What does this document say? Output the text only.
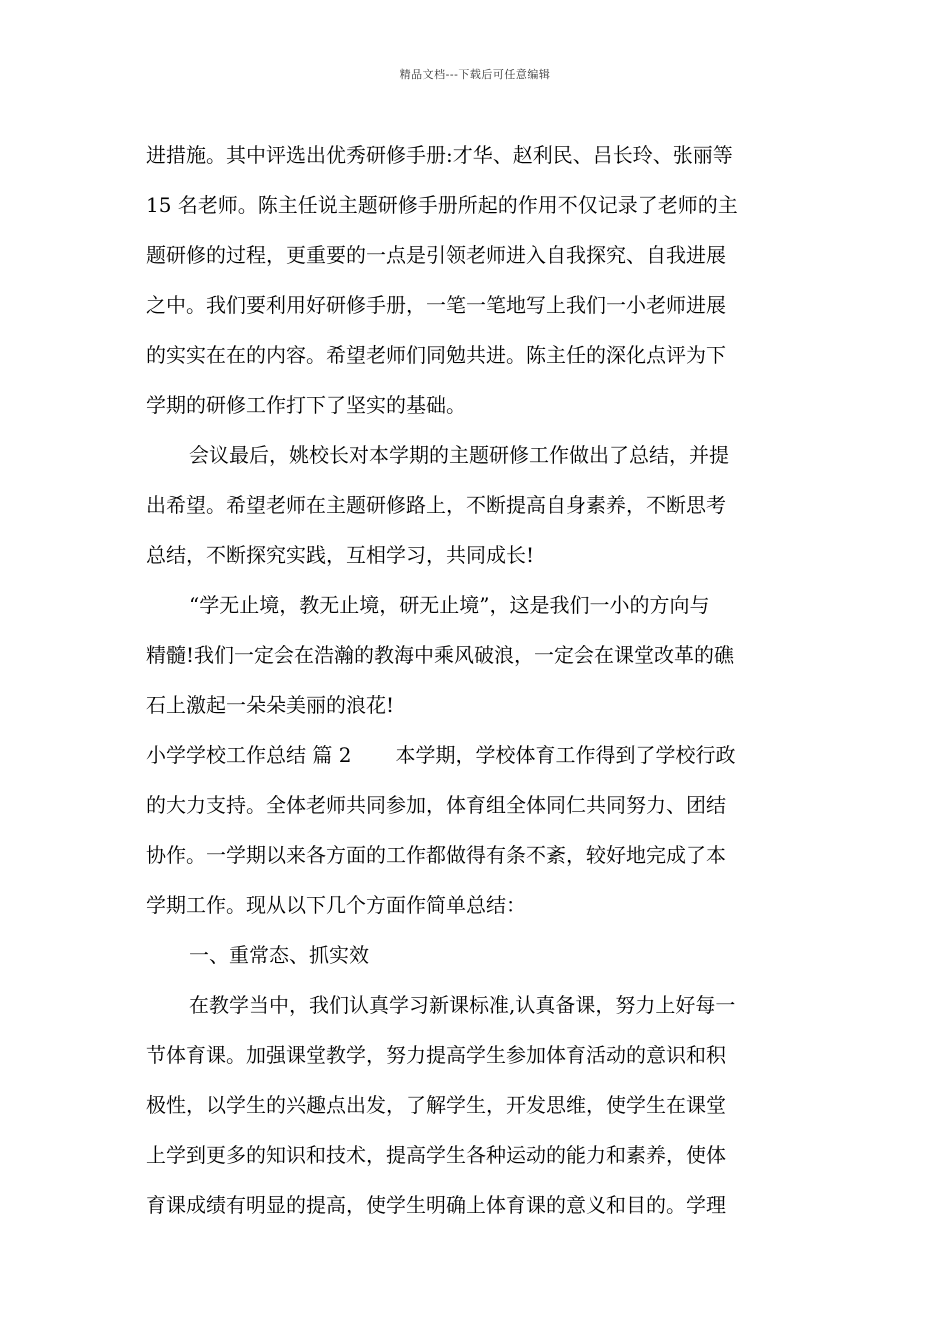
精品文档---下载后可任意编辑
进措施。其中评选出优秀研修手册:才华、赵利民、吕长玲、张丽等
15 名老师。陈主任说主题研修手册所起的作用不仅记录了老师的主
题研修的过程，更重要的一点是引领老师进入自我探究、自我进展
之中。我们要利用好研修手册，一笔一笔地写上我们一小老师进展
的实实在在的内容。希望老师们同勉共进。陈主任的深化点评为下
学期的研修工作打下了坚实的基础。
会议最后，姚校长对本学期的主题研修工作做出了总结，并提
出希望。希望老师在主题研修路上，不断提高自身素养，不断思考
总结，不断探究实践，互相学习，共同成长!
“学无止境，教无止境，研无止境”，这是我们一小的方向与
精髓!我们一定会在浩瀚的教海中乘风破浪，一定会在课堂改革的礁
石上激起一朵朵美丽的浪花!
小学学校工作总结 篇 2 本学期，学校体育工作得到了学校行政
的大力支持。全体老师共同参加，体育组全体同仁共同努力、团结
协作。一学期以来各方面的工作都做得有条不紊，较好地完成了本
学期工作。现从以下几个方面作简单总结：
一、重常态、抓实效
在教学当中，我们认真学习新课标准,认真备课，努力上好每一
节体育课。加强课堂教学，努力提高学生参加体育活动的意识和积
极性，以学生的兴趣点出发，了解学生，开发思维，使学生在课堂
上学到更多的知识和技术，提高学生各种运动的能力和素养，使体
育课成绩有明显的提高，使学生明确上体育课的意义和目的。学理
